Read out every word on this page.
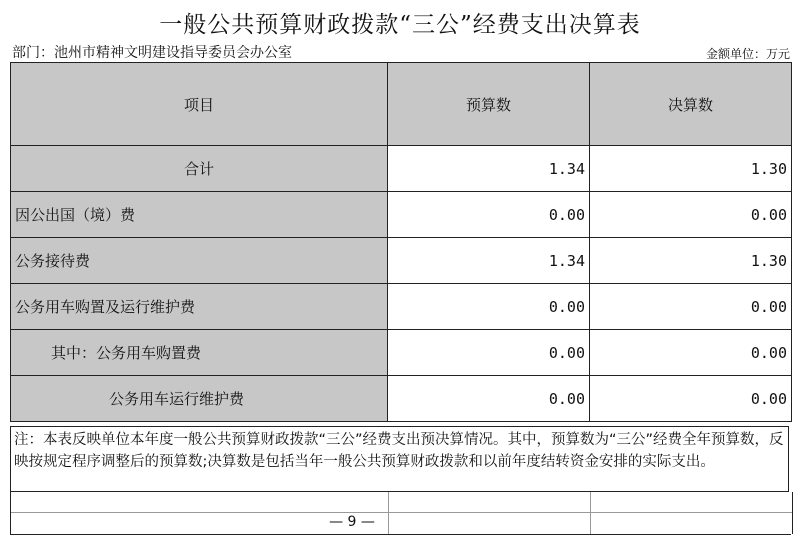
一般公共预算财政拨款“三公”经费支出决算表
部门：池州市精神文明建设指导委员会办公室	金额单位：万元
项目	预算数	决算数
合计	1.34	1.30
因公出国（境）费	0.00	0.00
公务接待费	1.34	1.30
公务用车购置及运行维护费	0.00	0.00
其中：公务用车购置费	0.00	0.00
公务用车运行维护费	0.00	0.00
注：本表反映单位本年度一般公共预算财政拨款“三公”经费支出预决算情况。其中，预算数为“三公”经费全年预算数，反映按规定程序调整后的预算数;决算数是包括当年一般公共预算财政拨款和以前年度结转资金安排的实际支出。
— 9 —
